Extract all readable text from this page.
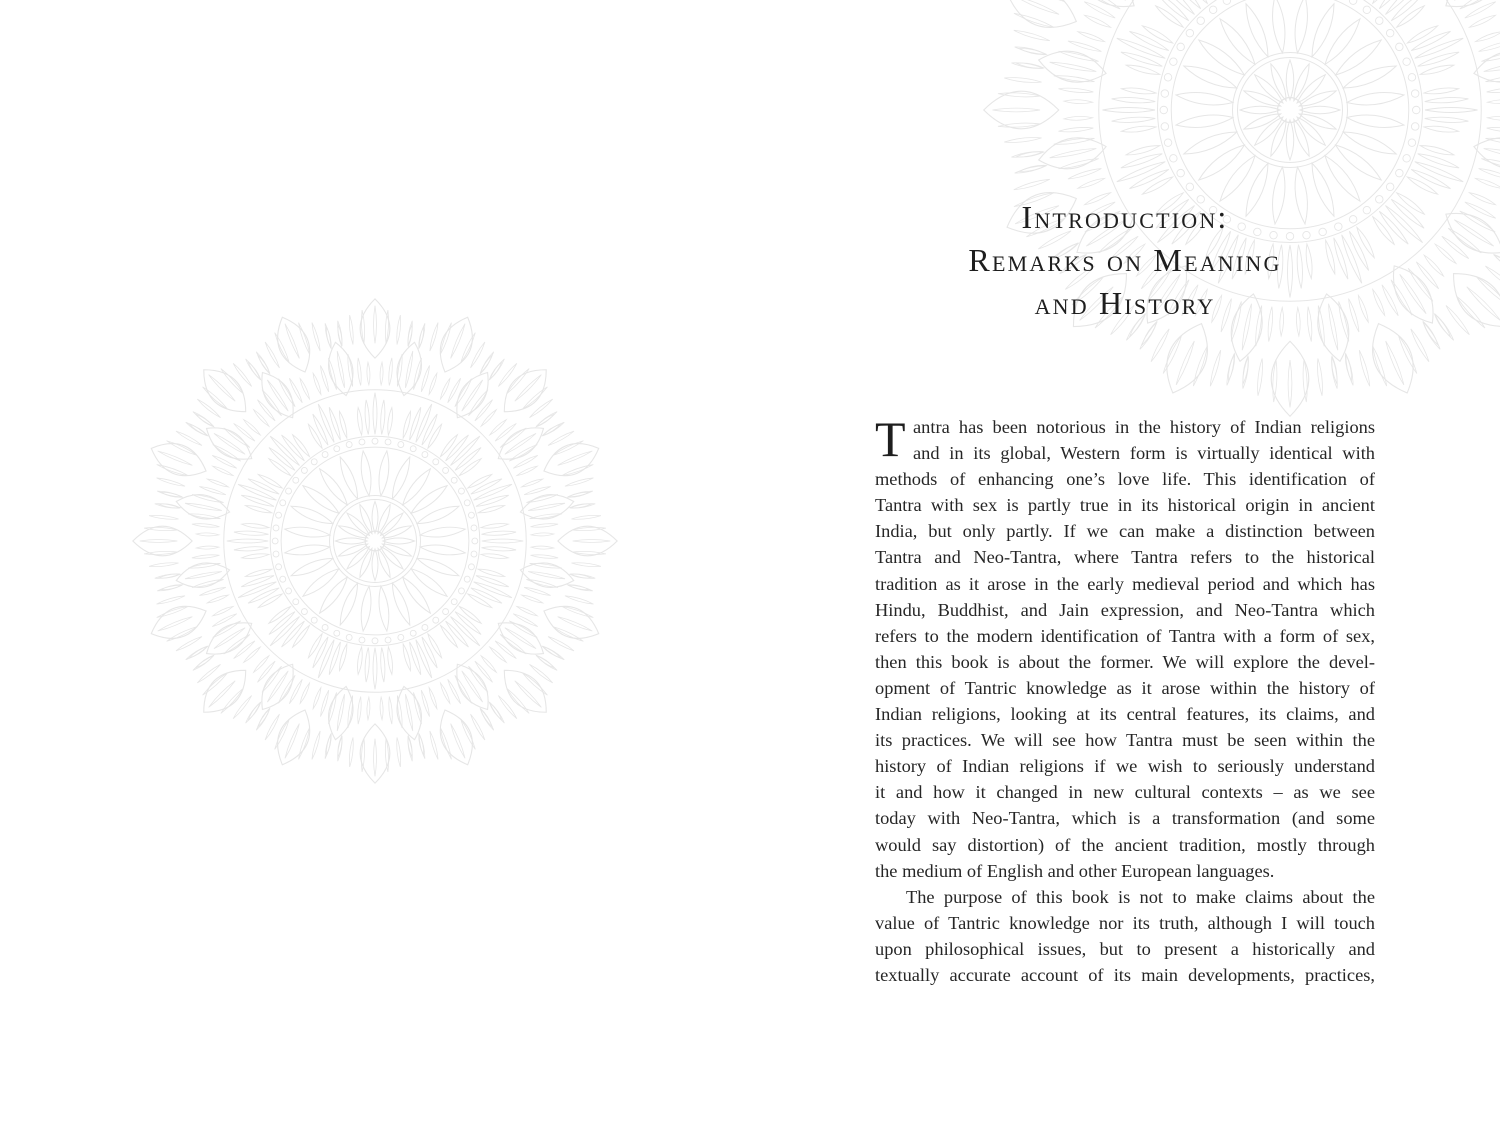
Introduction:
Remarks on Meaning
and History
T antra has been notorious in the history of Indian religions
and in its global, Western form is virtually identical with
methods of enhancing one’s love life. This identification of
Tantra with sex is partly true in its historical origin in ancient
India, but only partly. If we can make a distinction between
Tantra and Neo-Tantra, where Tantra refers to the historical
tradition as it arose in the early medieval period and which has
Hindu, Buddhist, and Jain expression, and Neo-Tantra which
refers to the modern identification of Tantra with a form of sex,
then this book is about the former. We will explore the devel-
opment of Tantric knowledge as it arose within the history of
Indian religions, looking at its central features, its claims, and
its practices. We will see how Tantra must be seen within the
history of Indian religions if we wish to seriously understand
it and how it changed in new cultural contexts – as we see
today with Neo-Tantra, which is a transformation (and some
would say distortion) of the ancient tradition, mostly through
the medium of English and other European languages.
The purpose of this book is not to make claims about the
value of Tantric knowledge nor its truth, although I will touch
upon philosophical issues, but to present a historically and
textually accurate account of its main developments, practices,
